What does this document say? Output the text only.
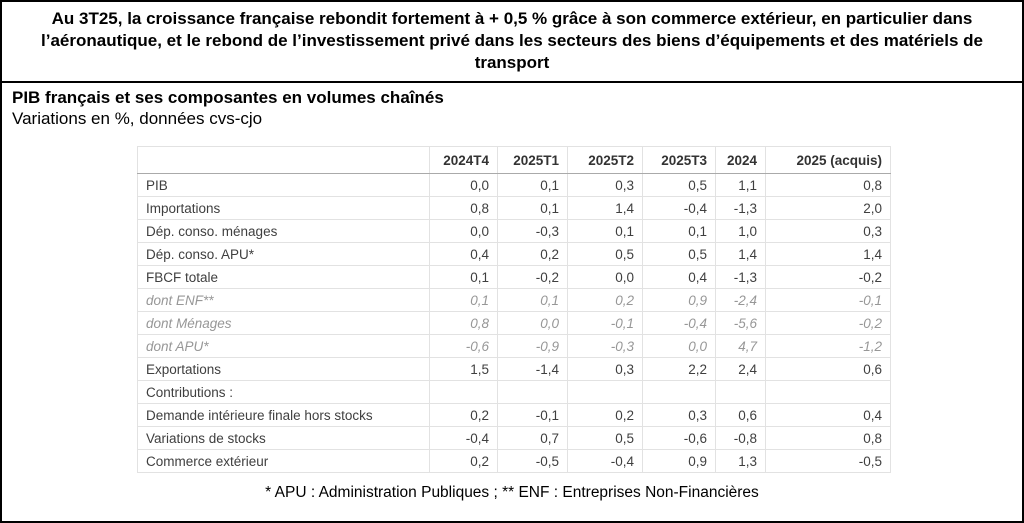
Au 3T25, la croissance française rebondit fortement à + 0,5 % grâce à son commerce extérieur, en particulier dans l’aéronautique, et le rebond de l’investissement privé dans les secteurs des biens d’équipements et des matériels de transport
PIB français et ses composantes en volumes chaînés
Variations en %, données cvs-cjo
	2024T4	2025T1	2025T2	2025T3	2024	2025 (acquis)
PIB	0,0	0,1	0,3	0,5	1,1	0,8
Importations	0,8	0,1	1,4	-0,4	-1,3	2,0
Dép. conso. ménages	0,0	-0,3	0,1	0,1	1,0	0,3
Dép. conso. APU*	0,4	0,2	0,5	0,5	1,4	1,4
FBCF totale	0,1	-0,2	0,0	0,4	-1,3	-0,2
dont ENF**	0,1	0,1	0,2	0,9	-2,4	-0,1
dont Ménages	0,8	0,0	-0,1	-0,4	-5,6	-0,2
dont APU*	-0,6	-0,9	-0,3	0,0	4,7	-1,2
Exportations	1,5	-1,4	0,3	2,2	2,4	0,6
Contributions :						
Demande intérieure finale hors stocks	0,2	-0,1	0,2	0,3	0,6	0,4
Variations de stocks	-0,4	0,7	0,5	-0,6	-0,8	0,8
Commerce extérieur	0,2	-0,5	-0,4	0,9	1,3	-0,5
* APU : Administration Publiques ; ** ENF : Entreprises Non-Financières
